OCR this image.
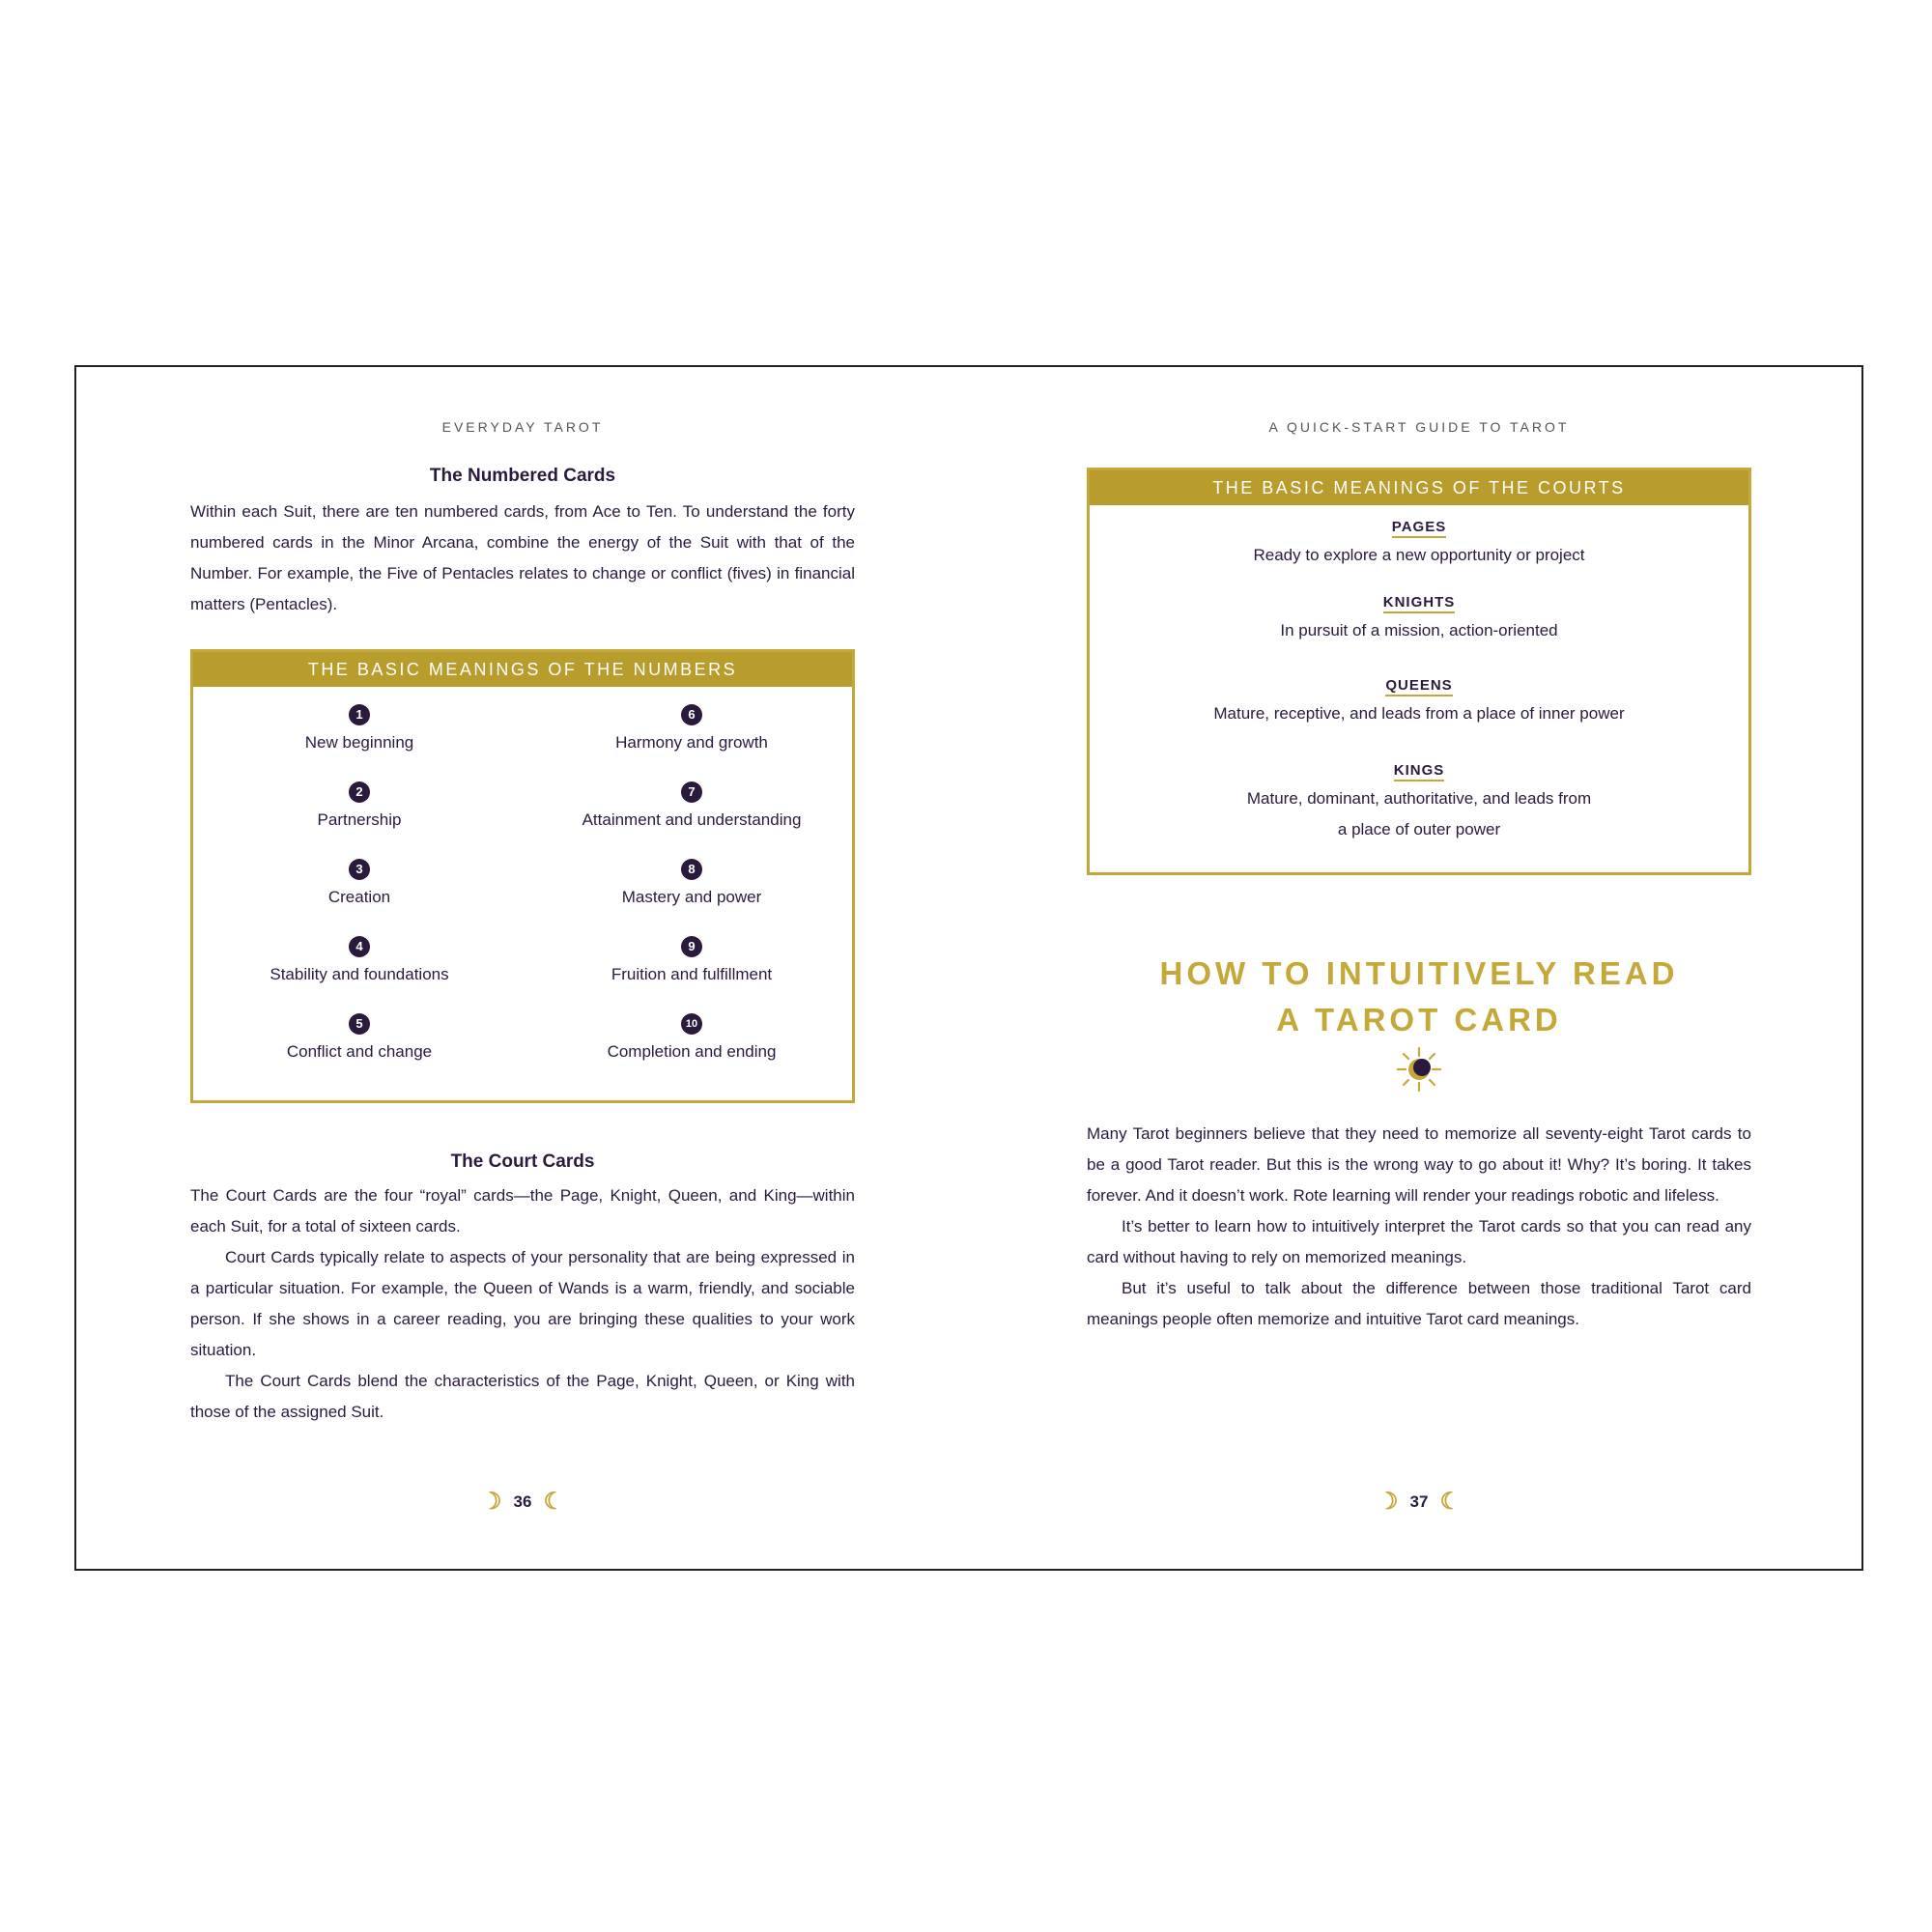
EVERYDAY TAROT
The Numbered Cards

Within each Suit, there are ten numbered cards, from Ace to Ten. To understand the forty numbered cards in the Minor Arcana, combine the energy of the Suit with that of the Number. For example, the Five of Pentacles relates to change or conflict (fives) in financial matters (Pentacles).

THE BASIC MEANINGS OF THE NUMBERS
1
New beginning
2
Partnership
3
Creation
4
Stability and foundations
5
Conflict and change
6
Harmony and growth
7
Attainment and understanding
8
Mastery and power
9
Fruition and fulfillment
10
Completion and ending
The Court Cards

The Court Cards are the four “royal” cards—the Page, Knight, Queen, and King—within each Suit, for a total of sixteen cards.

Court Cards typically relate to aspects of your personality that are being expressed in a particular situation. For example, the Queen of Wands is a warm, friendly, and sociable person. If she shows in a career reading, you are bringing these qualities to your work situation.

The Court Cards blend the characteristics of the Page, Knight, Queen, or King with those of the assigned Suit.

☽ 36 ☾
A QUICK-START GUIDE TO TAROT
THE BASIC MEANINGS OF THE COURTS
PAGES
Ready to explore a new opportunity or project
KNIGHTS
In pursuit of a mission, action-oriented
QUEENS
Mature, receptive, and leads from a place of inner power
KINGS
Mature, dominant, authoritative, and leads from
a place of outer power
HOW TO INTUITIVELY READ
A TAROT CARD

Many Tarot beginners believe that they need to memorize all seventy-eight Tarot cards to be a good Tarot reader. But this is the wrong way to go about it! Why? It’s boring. It takes forever. And it doesn’t work. Rote learning will render your readings robotic and lifeless.

It’s better to learn how to intuitively interpret the Tarot cards so that you can read any card without having to rely on memorized meanings.

But it’s useful to talk about the difference between those traditional Tarot card meanings people often memorize and intuitive Tarot card meanings.

☽ 37 ☾
